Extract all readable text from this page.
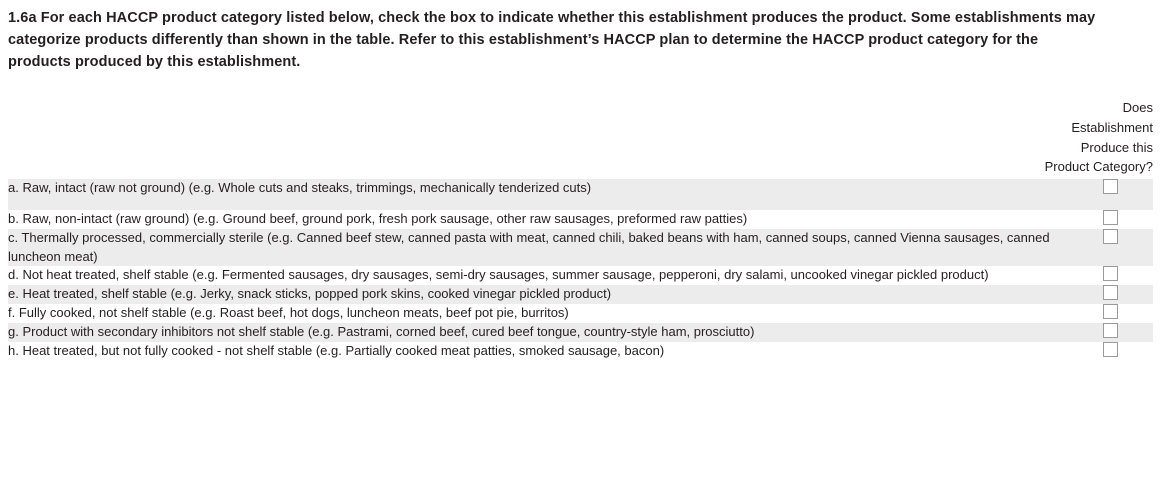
1.6a For each HACCP product category listed below, check the box to indicate whether this establishment produces the product. Some establishments may categorize products differently than shown in the table. Refer to this establishment’s HACCP plan to determine the HACCP product category for the products produced by this establishment.
Does
Establishment
Produce this
Product Category?
a. Raw, intact (raw not ground) (e.g. Whole cuts and steaks, trimmings, mechanically tenderized cuts)	
b. Raw, non-intact (raw ground) (e.g. Ground beef, ground pork, fresh pork sausage, other raw sausages, preformed raw patties)	
c. Thermally processed, commercially sterile (e.g. Canned beef stew, canned pasta with meat, canned chili, baked beans with ham, canned soups, canned Vienna sausages, canned luncheon meat)	
d. Not heat treated, shelf stable (e.g. Fermented sausages, dry sausages, semi-dry sausages, summer sausage, pepperoni, dry salami, uncooked vinegar pickled product)	
e. Heat treated, shelf stable (e.g. Jerky, snack sticks, popped pork skins, cooked vinegar pickled product)	
f. Fully cooked, not shelf stable (e.g. Roast beef, hot dogs, luncheon meats, beef pot pie, burritos)	
g. Product with secondary inhibitors not shelf stable (e.g. Pastrami, corned beef, cured beef tongue, country-style ham, prosciutto)	
h. Heat treated, but not fully cooked - not shelf stable (e.g. Partially cooked meat patties, smoked sausage, bacon)	
